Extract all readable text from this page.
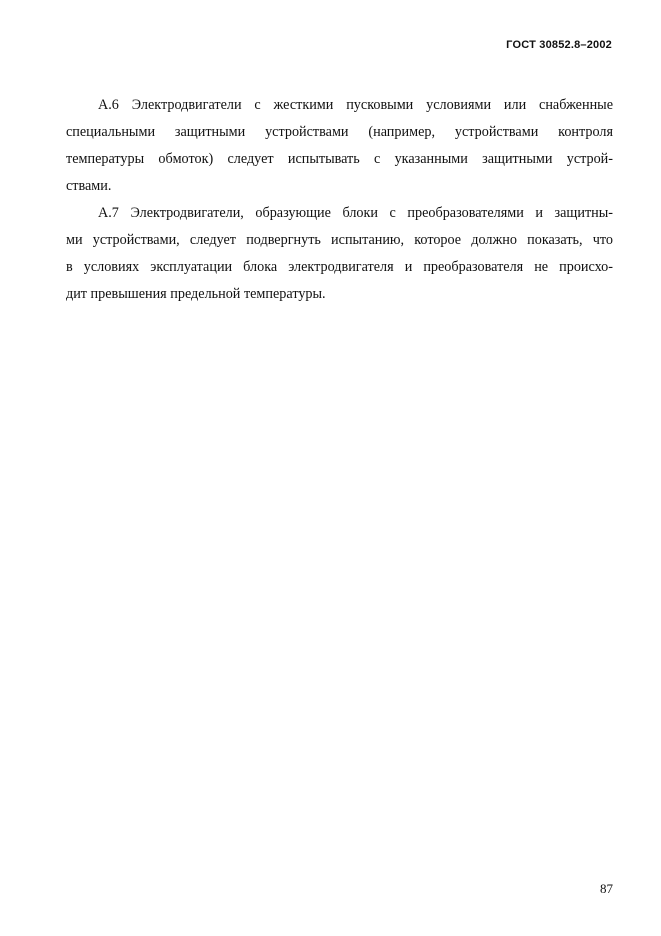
ГОСТ 30852.8–2002

А.6 Электродвигатели с жесткими пусковыми условиями или снабженные
специальными защитными устройствами (например, устройствами контроля
температуры обмоток) следует испытывать с указанными защитными устрой-
ствами.

А.7 Электродвигатели, образующие блоки с преобразователями и защитны-
ми устройствами, следует подвергнуть испытанию, которое должно показать, что
в условиях эксплуатации блока электродвигателя и преобразователя не происхо-
дит превышения предельной температуры.

87
